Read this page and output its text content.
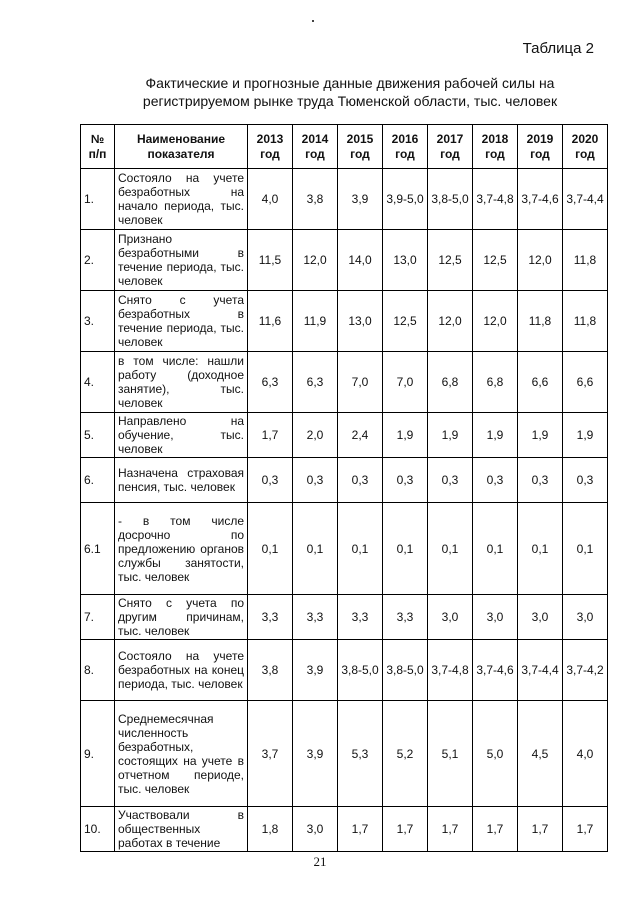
Таблица 2
Фактические и прогнозные данные движения рабочей силы на
регистрируемом рынке труда Тюменской области, тыс. человек
№ п/п	Наименование показателя	2013 год	2014 год	2015 год	2016 год	2017 год	2018 год	2019 год	2020 год
1.	Состояло на учете безработных на начало периода, тыс. человек	4,0	3,8	3,9	3,9-5,0	3,8-5,0	3,7-4,8	3,7-4,6	3,7-4,4
2.	Признано безработными в течение периода, тыс. человек	11,5	12,0	14,0	13,0	12,5	12,5	12,0	11,8
3.	Снято с учета безработных в течение периода, тыс. человек	11,6	11,9	13,0	12,5	12,0	12,0	11,8	11,8
4.	в том числе: нашли работу (доходное занятие), тыс. человек	6,3	6,3	7,0	7,0	6,8	6,8	6,6	6,6
5.	Направлено на обучение, тыс. человек	1,7	2,0	2,4	1,9	1,9	1,9	1,9	1,9
6.	Назначена страховая пенсия, тыс. человек	0,3	0,3	0,3	0,3	0,3	0,3	0,3	0,3
6.1	- в том числе досрочно по предложению органов службы занятости, тыс. человек	0,1	0,1	0,1	0,1	0,1	0,1	0,1	0,1
7.	Снято с учета по другим причинам, тыс. человек	3,3	3,3	3,3	3,3	3,0	3,0	3,0	3,0
8.	Состояло на учете безработных на конец периода, тыс. человек	3,8	3,9	3,8-5,0	3,8-5,0	3,7-4,8	3,7-4,6	3,7-4,4	3,7-4,2
9.	Среднемесячная численность безработных, состоящих на учете в отчетном периоде, тыс. человек	3,7	3,9	5,3	5,2	5,1	5,0	4,5	4,0
10.	Участвовали в общественных работах в течение	1,8	3,0	1,7	1,7	1,7	1,7	1,7	1,7
21
